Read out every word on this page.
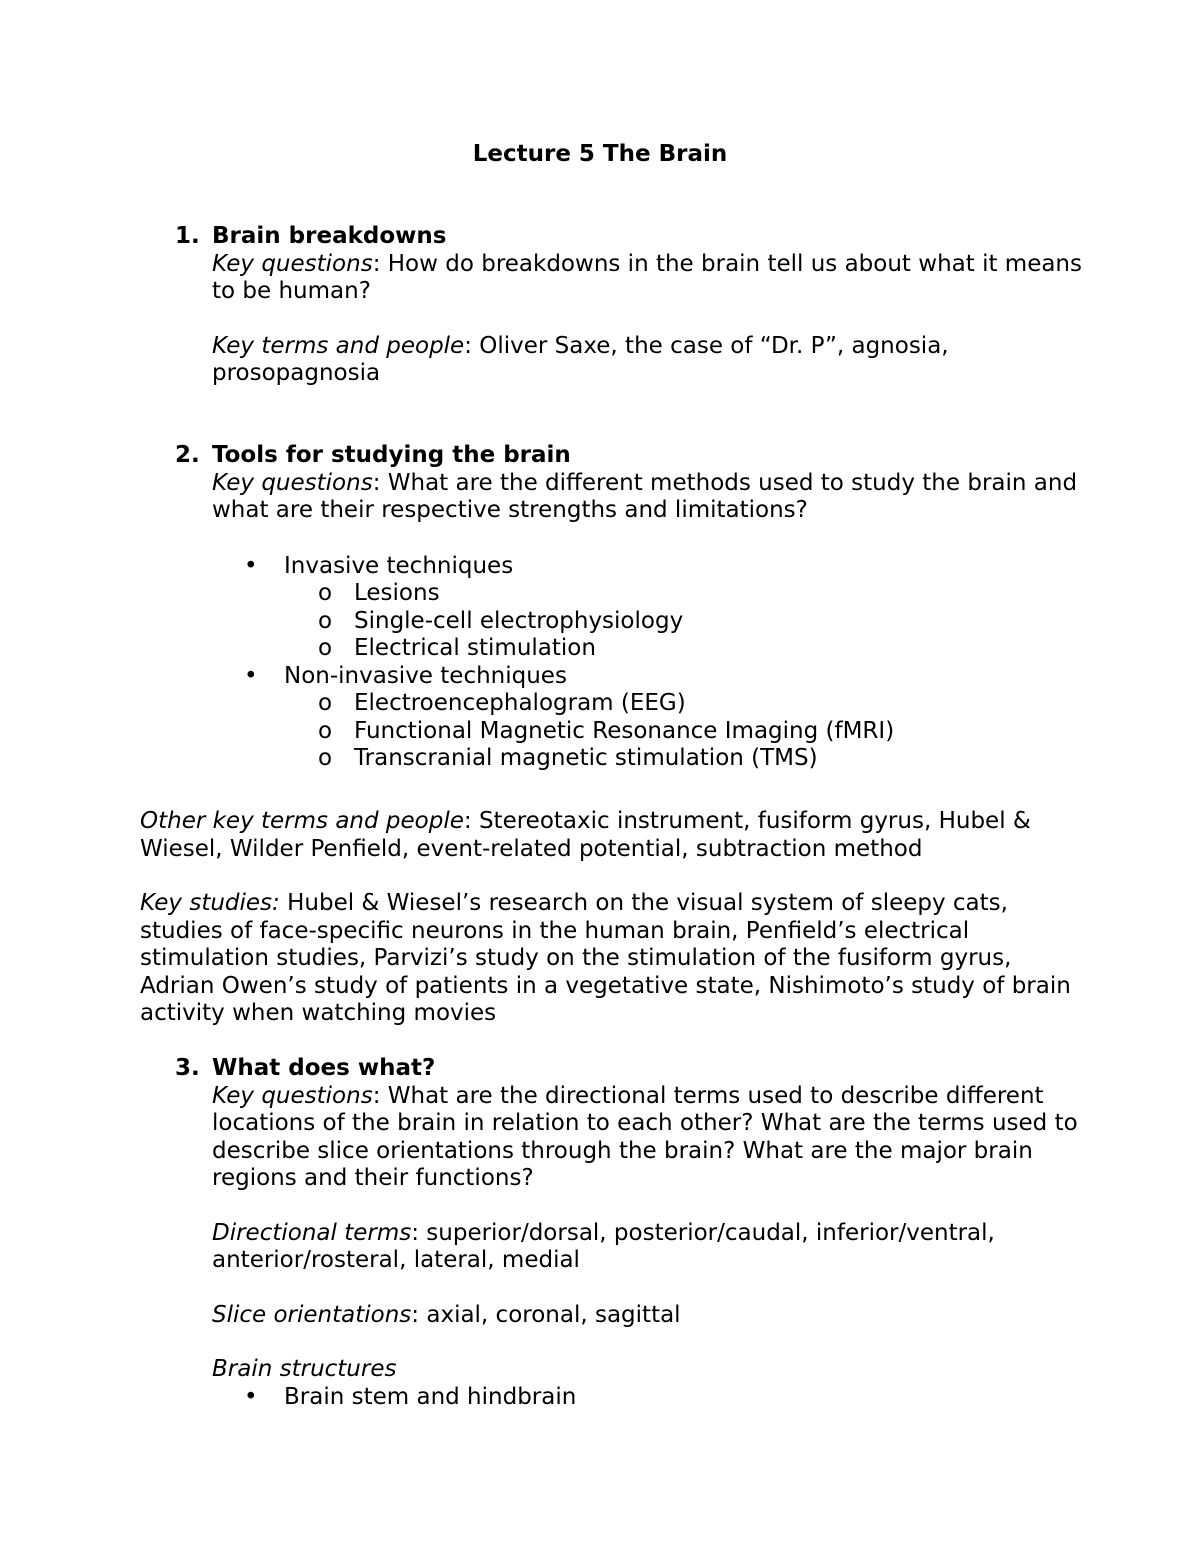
Lecture 5 The Brain
1. Brain breakdowns
Key questions: How do breakdowns in the brain tell us about what it means to be human?
Key terms and people: Oliver Saxe, the case of “Dr. P”, agnosia, prosopagnosia
2. Tools for studying the brain
Key questions: What are the different methods used to study the brain and what are their respective strengths and limitations?
• Invasive techniques
o Lesions
o Single-cell electrophysiology
o Electrical stimulation
• Non-invasive techniques
o Electroencephalogram (EEG)
o Functional Magnetic Resonance Imaging (fMRI)
o Transcranial magnetic stimulation (TMS)
Other key terms and people: Stereotaxic instrument, fusiform gyrus, Hubel & Wiesel, Wilder Penfield, event-related potential, subtraction method
Key studies: Hubel & Wiesel’s research on the visual system of sleepy cats, studies of face-specific neurons in the human brain, Penfield’s electrical stimulation studies, Parvizi’s study on the stimulation of the fusiform gyrus, Adrian Owen’s study of patients in a vegetative state, Nishimoto’s study of brain activity when watching movies
3. What does what?
Key questions: What are the directional terms used to describe different locations of the brain in relation to each other? What are the terms used to describe slice orientations through the brain? What are the major brain regions and their functions?
Directional terms: superior/dorsal, posterior/caudal, inferior/ventral, anterior/rosteral, lateral, medial
Slice orientations: axial, coronal, sagittal
Brain structures
• Brain stem and hindbrain
